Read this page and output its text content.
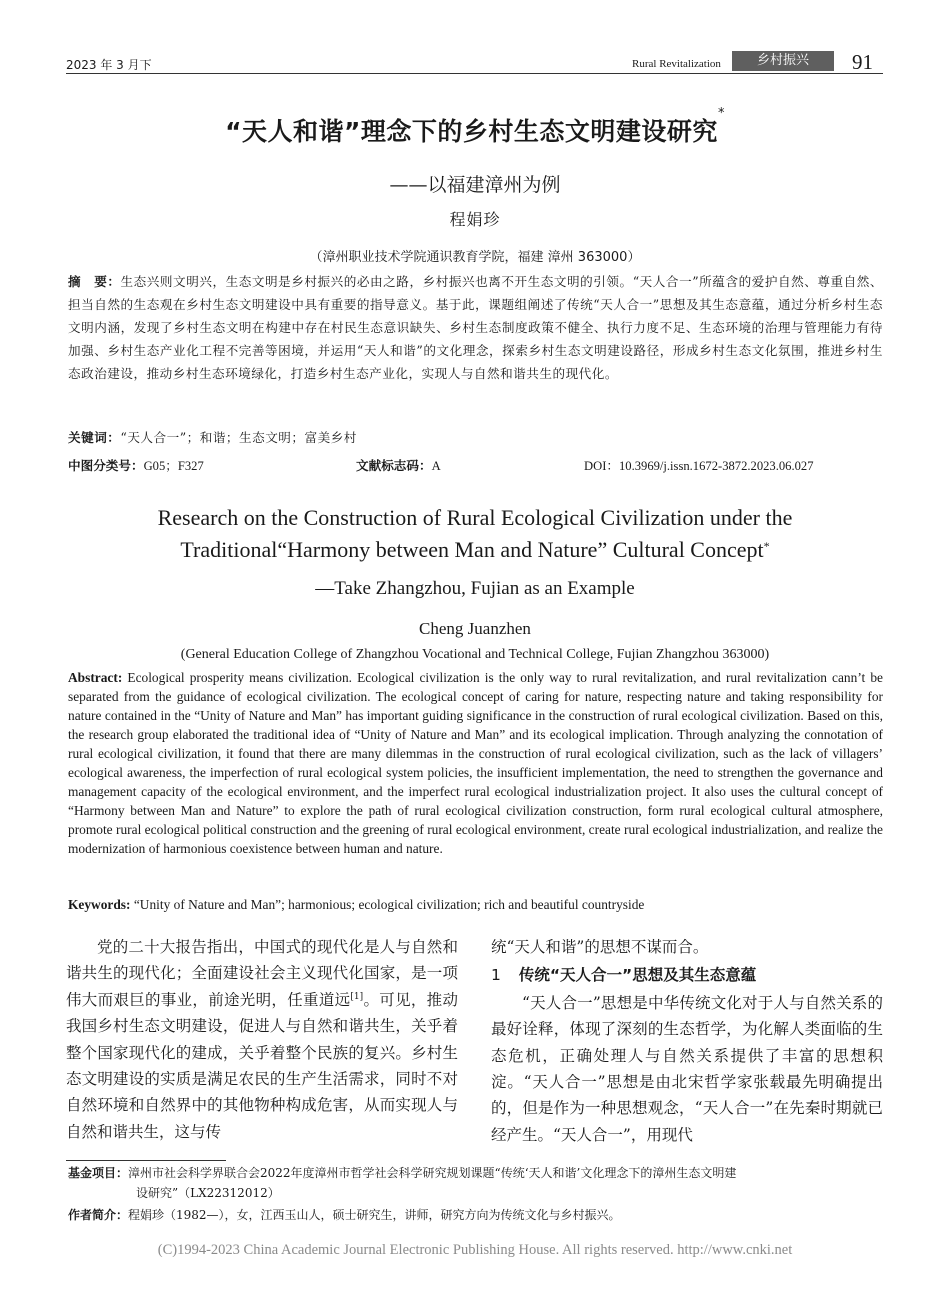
2023 年 3 月下	Rural Revitalization	乡村振兴	91
“天人和谐”理念下的乡村生态文明建设研究*
——以福建漳州为例
程娟珍
（漳州职业技术学院通识教育学院，福建 漳州 363000）
摘　要：生态兴则文明兴，生态文明是乡村振兴的必由之路，乡村振兴也离不开生态文明的引领。“天人合一”所蕴含的爱护自然、尊重自然、担当自然的生态观在乡村生态文明建设中具有重要的指导意义。基于此，课题组阐述了传统“天人合一”思想及其生态意蕴，通过分析乡村生态文明内涵，发现了乡村生态文明在构建中存在村民生态意识缺失、乡村生态制度政策不健全、执行力度不足、生态环境的治理与管理能力有待加强、乡村生态产业化工程不完善等困境，并运用“天人和谐”的文化理念，探索乡村生态文明建设路径，形成乡村生态文化氛围，推进乡村生态政治建设，推动乡村生态环境绿化，打造乡村生态产业化，实现人与自然和谐共生的现代化。
关键词：“天人合一”；和谐；生态文明；富美乡村
中图分类号：G05；F327	文献标志码：A	DOI：10.3969/j.issn.1672-3872.2023.06.027
Research on the Construction of Rural Ecological Civilization under the
Traditional“Harmony between Man and Nature” Cultural Concept*
—Take Zhangzhou, Fujian as an Example
Cheng Juanzhen
(General Education College of Zhangzhou Vocational and Technical College, Fujian Zhangzhou 363000)
Abstract: Ecological prosperity means civilization. Ecological civilization is the only way to rural revitalization, and rural revitalization cann’t be separated from the guidance of ecological civilization. The ecological concept of caring for nature, respecting nature and taking responsibility for nature contained in the “Unity of Nature and Man” has important guiding significance in the construction of rural ecological civilization. Based on this, the research group elaborated the traditional idea of “Unity of Nature and Man” and its ecological implication. Through analyzing the connotation of rural ecological civilization, it found that there are many dilemmas in the construction of rural ecological civilization, such as the lack of villagers’ ecological awareness, the imperfection of rural ecological system policies, the insufficient implementation, the need to strengthen the governance and management capacity of the ecological environment, and the imperfect rural ecological industrialization project. It also uses the cultural concept of “Harmony between Man and Nature” to explore the path of rural ecological civilization construction, form rural ecological cultural atmosphere, promote rural ecological political construction and the greening of rural ecological environment, create rural ecological industrialization, and realize the modernization of harmonious coexistence between human and nature.
Keywords: “Unity of Nature and Man”; harmonious; ecological civilization; rich and beautiful countryside

党的二十大报告指出，中国式的现代化是人与自然和谐共生的现代化；全面建设社会主义现代化国家，是一项伟大而艰巨的事业，前途光明，任重道远[1]。可见，推动我国乡村生态文明建设，促进人与自然和谐共生，关乎着整个国家现代化的建成，关乎着整个民族的复兴。乡村生态文明建设的实质是满足农民的生产生活需求，同时不对自然环境和自然界中的其他物种构成危害，从而实现人与自然和谐共生，这与传

统“天人和谐”的思想不谋而合。

1 传统“天人合一”思想及其生态意蕴

“天人合一”思想是中华传统文化对于人与自然关系的最好诠释，体现了深刻的生态哲学，为化解人类面临的生态危机，正确处理人与自然关系提供了丰富的思想积淀。“天人合一”思想是由北宋哲学家张载最先明确提出的，但是作为一种思想观念，“天人合一”在先秦时期就已经产生。“天人合一”，用现代

基金项目：漳州市社会科学界联合会2022年度漳州市哲学社会科学研究规划课题“传统‘天人和谐’文化理念下的漳州生态文明建
设研究”（LX22312012）
作者简介：程娟珍（1982—），女，江西玉山人，硕士研究生，讲师，研究方向为传统文化与乡村振兴。
(C)1994-2023 China Academic Journal Electronic Publishing House. All rights reserved. http://www.cnki.net
